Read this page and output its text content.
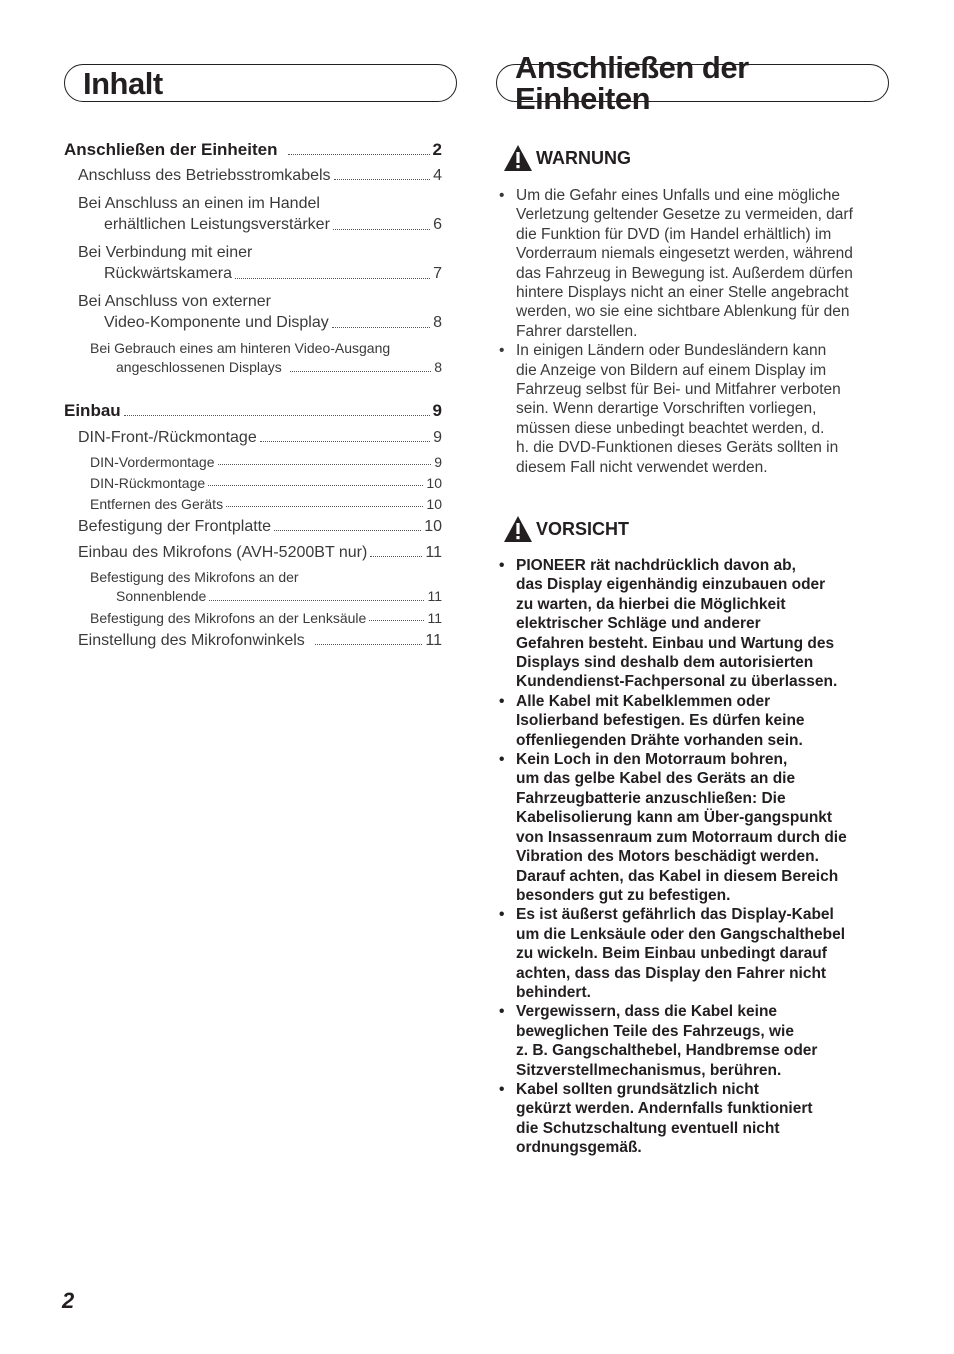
Inhalt	Anschließen der Einheiten
Anschließen der Einheiten	2
Anschluss des Betriebsstromkabels	4
Bei Anschluss an einen im Handel
erhältlichen Leistungsverstärker	6
Bei Verbindung mit einer
Rückwärtskamera	7
Bei Anschluss von externer
Video-Komponente und Display	8
Bei Gebrauch eines am hinteren Video-Ausgang
angeschlossenen Displays	8
Einbau	9
DIN-Front-/Rückmontage	9
DIN-Vordermontage	9
DIN-Rückmontage	10
Entfernen des Geräts	10
Befestigung der Frontplatte	10
Einbau des Mikrofons (AVH-5200BT nur)	11
Befestigung des Mikrofons an der
Sonnenblende	11
Befestigung des Mikrofons an der Lenksäule	11
Einstellung des Mikrofonwinkels	11
WARNUNG
• Um die Gefahr eines Unfalls und eine mögliche
Verletzung geltender Gesetze zu vermeiden, darf
die Funktion für DVD (im Handel erhältlich) im
Vorderraum niemals eingesetzt werden, während
das Fahrzeug in Bewegung ist. Außerdem dürfen
hintere Displays nicht an einer Stelle angebracht
werden, wo sie eine sichtbare Ablenkung für den
Fahrer darstellen.
• In einigen Ländern oder Bundesländern kann
die Anzeige von Bildern auf einem Display im
Fahrzeug selbst für Bei- und Mitfahrer verboten
sein. Wenn derartige Vorschriften vorliegen,
müssen diese unbedingt beachtet werden, d.
h. die DVD-Funktionen dieses Geräts sollten in
diesem Fall nicht verwendet werden.
VORSICHT
• PIONEER rät nachdrücklich davon ab,
das Display eigenhändig einzubauen oder
zu warten, da hierbei die Möglichkeit
elektrischer Schläge und anderer
Gefahren besteht. Einbau und Wartung des
Displays sind deshalb dem autorisierten
Kundendienst-Fachpersonal zu überlassen.
• Alle Kabel mit Kabelklemmen oder
Isolierband befestigen. Es dürfen keine
offenliegenden Drähte vorhanden sein.
• Kein Loch in den Motorraum bohren,
um das gelbe Kabel des Geräts an die
Fahrzeugbatterie anzuschließen: Die
Kabelisolierung kann am Über-gangspunkt
von Insassenraum zum Motorraum durch die
Vibration des Motors beschädigt werden.
Darauf achten, das Kabel in diesem Bereich
besonders gut zu befestigen.
• Es ist äußerst gefährlich das Display-Kabel
um die Lenksäule oder den Gangschalthebel
zu wickeln. Beim Einbau unbedingt darauf
achten, dass das Display den Fahrer nicht
behindert.
• Vergewissern, dass die Kabel keine
beweglichen Teile des Fahrzeugs, wie
z. B. Gangschalthebel, Handbremse oder
Sitzverstellmechanismus, berühren.
• Kabel sollten grundsätzlich nicht
gekürzt werden. Andernfalls funktioniert
die Schutzschaltung eventuell nicht
ordnungsgemäß.
2
